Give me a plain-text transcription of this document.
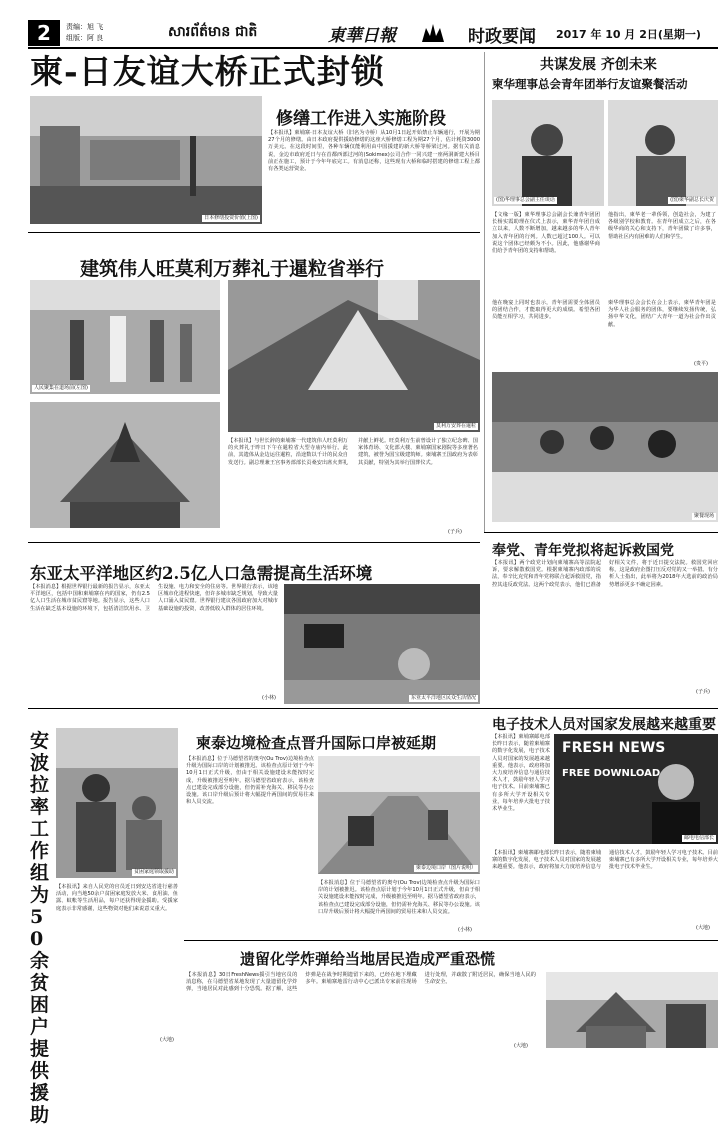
2	责编：旭 飞
组版：阿 良	សារព័ត៌មាន ជាតិ	東華日報	时政要闻 2017 年 10 月 2日(星期一)
柬-日友谊大桥正式封锁
日本修缮投资价值(上图)
修缮工作进入实施阶段
【本报讯】柬埔寨·日本友谊大桥（旧名为寺桥）从10月1日起开始禁止车辆通行，开展为期27个月的修缮。由日本政府提供援助修缮的这座大桥修缮工程为期27个月，估计耗资3000万美元。在这段时间里，各种车辆仅能利用由中国援建的新大桥等桥梁过河。据有关消息说，金边市政府近日与在首都西部过河的(Sokimex)公司合作一同兴建一座两洞新建大桥目前正在施工，预计于今年年底完工。有消息还称，这些现有大桥和临时搭建的修缮工程上都有各类运营资金。
建筑伟人旺莫利万葬礼于暹粒省举行
人民聚集在道场前(左图)
莫利万安葬在暹粒
【本报讯】与世长辞的柬埔寨一代建筑伟人旺莫利万的火葬礼于昨日下午在暹粒省大型寺庙内举行。此前，其遗体从金边运往暹粒，沿途数以千计的民众自发送行。副总理兼王宫事务部部长贡桑安出席火葬礼并献上鲜花。旺莫利万生前曾设计了独立纪念碑、国家体育场、文化部大楼、柬埔寨国家剧院等多座著名建筑，被誉为国宝级建筑师。柬埔寨王国政府为表彰其贡献，特别为其举行国葬仪式。
(子兵)
共谋发展 齐创未来
柬华理事总会青年团举行友谊聚餐活动
(图)华理事总会副主任谈话	(图)柬华副总长庆贺
【文缘一版】柬华理事总会副会长兼青年团团长杨实霞助理在仪式上表示，柬华青年团自成立以来，人数不断增加，越来越多的华人青年加入青年团的行列。人数已超过100人。可以说这个团体已经颇为不小。因此，他感谢华商们给予青年团的支持和帮助。
他指出，柬华老一辈侨领，创造社会，为建了各级别学校和教育。在青年团成立之后，在各级华商的关心和支持下，青年团做了许多事，帮助社区内有困难的人们和学生。
他在晚宴上同时也表示，青年团需要全体团员的团结合作，才能取得更大的成绩。希望各团员能互相学习，共同进步。
柬华理事总会会长在会上表示，柬华青年团是为华人社会服务的团体，要继续发扬传统，弘扬中华文化，团结广大青年一道为社会作出贡献。
(贵平)
聚餐现场
东亚太平洋地区约2.5亿人口急需提高生活环境
【本报消息】根据世界银行最新的报告显示，东亚太平洋地区，包括中国和柬埔寨在内的国家，仍有2.5亿人口生活在城市贫民窟等地。报告显示，这些人口生活在缺乏基本设施的环境下，包括清洁饮用水、卫生设施、电力和安全的住房等。世界银行表示，该地区城市化进程快速，但许多城市缺乏规划，导致大量人口涌入贫民窟。世界银行建议各国政府加大对城市基础设施的投资，改善低收入群体的居住环境。
(小林)	东亚太平洋地区民众生活情况
奉党、青年党拟将起诉救国党
【本报讯】两个政党计划向柬埔寨高等法院起诉，要求解散救国党。根据柬埔寨内政部的说法，奉辛比克党和青年党将联合起诉救国党，指控其违反政党法。这两个政党表示，他们已准备好相关文件，将于近日提交法院。救国党回应称，这是政府企图打压反对党的又一举措。有分析人士指出，此举将为2018年大选前的政治局势增添更多不确定因素。
(子兵)
安波拉率工作组为50余贫困户提供援助
贫困家庭领取援助
【本报讯】来自人民党的官员近日到安达省进行慈善活动，向当地50余户贫困家庭发放大米、食用油、鱼露、蚊帐等生活用品，每户还获得现金援助。受援家庭表示非常感谢，这些物资对他们来说意义重大。
(大地)
柬泰边境检查点晋升国际口岸被延期
【本报消息】位于马德望省的奥夸(Ou Trov)边境检查点升级为国际口岸的计划被推迟。该检查点原计划于今年10月1日正式升级，但由于相关设施建设未能按时完成，升级被推迟至明年。据马德望省政府表示，该检查点已建设完成部分设施，但仍需补充海关、移民等办公设施。该口岸升级后预计将大幅提升两国间的贸易往来和人员交流。
柬泰边境口岸（图片说明）
【本报消息】位于马德望省的奥夸(Ou Trov)边境检查点升级为国际口岸的计划被推迟。该检查点原计划于今年10月1日正式升级，但由于相关设施建设未能按时完成，升级被推迟至明年。据马德望省政府表示，该检查点已建设完成部分设施，但仍需补充海关、移民等办公设施。该口岸升级后预计将大幅提升两国间的贸易往来和人员交流。
(小林)
电子技术人员对国家发展越来越重要
【本报讯】柬埔寨邮电部长昨日表示，随着柬埔寨的数字化发展，电子技术人员对国家的发展越来越重要。他表示，政府将加大力度培养信息与通信技术人才，鼓励年轻人学习电子技术。目前柬埔寨已有多所大学开设相关专业，每年培养大批电子技术毕业生。
FRESH NEWS
FREE DOWNLOAD
邮电电信部长
【本报讯】柬埔寨邮电部长昨日表示，随着柬埔寨的数字化发展，电子技术人员对国家的发展越来越重要。他表示，政府将加大力度培养信息与通信技术人才，鼓励年轻人学习电子技术。目前柬埔寨已有多所大学开设相关专业，每年培养大批电子技术毕业生。
(大地)
遗留化学炸弹给当地居民造成严重恐慌
【本报消息】30日FreshNews援引当地官员的消息称，在马德望省某地发现了大量遗留化学炸弹，当地居民对此感到十分恐慌。据了解，这些炸弹是在战争时期遗留下来的，已经在地下埋藏多年。柬埔寨地雷行动中心已派出专家前往现场进行处理，并疏散了附近居民，确保当地人民的生命安全。
(大地)
